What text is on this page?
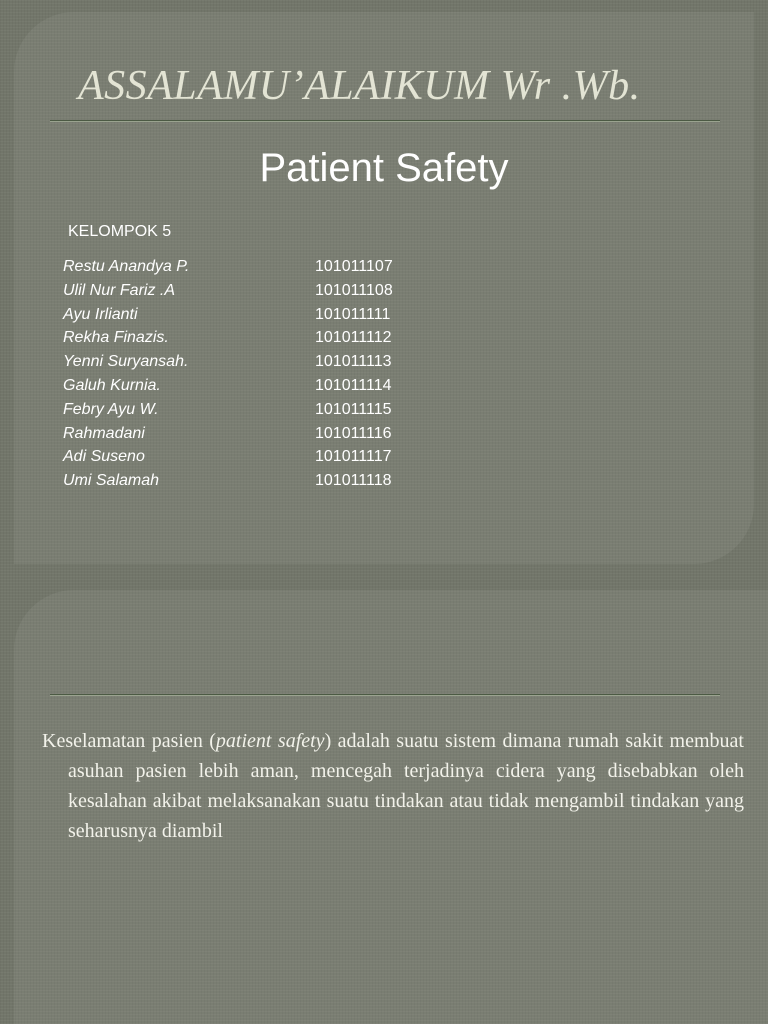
ASSALAMU’ALAIKUM Wr .Wb.
Patient Safety
KELOMPOK 5
Restu Anandya P.	101011107
Ulil Nur Fariz .A	101011108
Ayu Irlianti	101011111
Rekha Finazis.	101011112
Yenni Suryansah.	101011113
Galuh Kurnia.	101011114
Febry Ayu W.	101011115
Rahmadani	101011116
Adi Suseno	101011117
Umi Salamah	101011118

Keselamatan pasien (patient safety) adalah suatu sistem dimana rumah sakit membuat asuhan pasien lebih aman, mencegah terjadinya cidera yang disebabkan oleh kesalahan akibat melaksanakan suatu tindakan atau tidak mengambil tindakan yang seharusnya diambil
